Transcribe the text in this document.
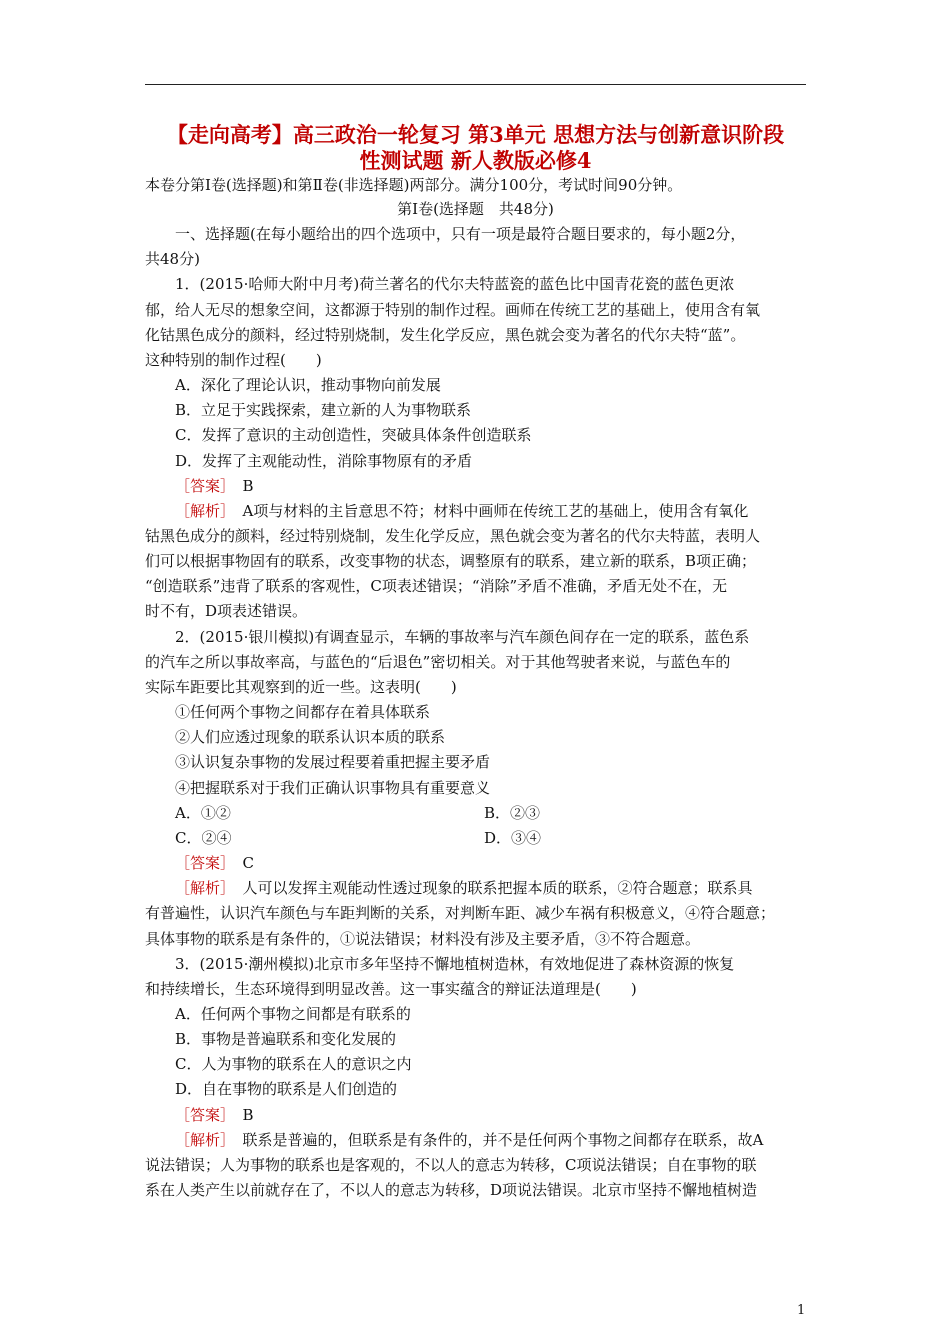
【走向高考】高三政治一轮复习 第3单元 思想方法与创新意识阶段
性测试题 新人教版必修4
本卷分第Ⅰ卷(选择题)和第Ⅱ卷(非选择题)两部分。满分100分，考试时间90分钟。
第Ⅰ卷(选择题　共48分)
一、选择题(在每小题给出的四个选项中，只有一项是最符合题目要求的，每小题2分，
共48分)
1．(2015·哈师大附中月考)荷兰著名的代尔夫特蓝瓷的蓝色比中国青花瓷的蓝色更浓
郁，给人无尽的想象空间，这都源于特别的制作过程。画师在传统工艺的基础上，使用含有氧
化钴黑色成分的颜料，经过特别烧制，发生化学反应，黑色就会变为著名的代尔夫特“蓝”。
这种特别的制作过程(　　)
A．深化了理论认识，推动事物向前发展
B．立足于实践探索，建立新的人为事物联系
C．发挥了意识的主动创造性，突破具体条件创造联系
D．发挥了主观能动性，消除事物原有的矛盾
［答案］　 B
［解析］　 A项与材料的主旨意思不符；材料中画师在传统工艺的基础上，使用含有氧化
钴黑色成分的颜料，经过特别烧制，发生化学反应，黑色就会变为著名的代尔夫特蓝，表明人
们可以根据事物固有的联系，改变事物的状态，调整原有的联系，建立新的联系，B项正确；
“创造联系”违背了联系的客观性，C项表述错误；“消除”矛盾不准确，矛盾无处不在，无
时不有，D项表述错误。
2．(2015·银川模拟)有调查显示，车辆的事故率与汽车颜色间存在一定的联系，蓝色系
的汽车之所以事故率高，与蓝色的“后退色”密切相关。对于其他驾驶者来说，与蓝色车的
实际车距要比其观察到的近一些。这表明(　　)
①任何两个事物之间都存在着具体联系
②人们应透过现象的联系认识本质的联系
③认识复杂事物的发展过程要着重把握主要矛盾
④把握联系对于我们正确认识事物具有重要意义
A．①②	B．②③
C．②④	D．③④
［答案］　 C
［解析］　 人可以发挥主观能动性透过现象的联系把握本质的联系，②符合题意；联系具
有普遍性，认识汽车颜色与车距判断的关系，对判断车距、减少车祸有积极意义，④符合题意；
具体事物的联系是有条件的，①说法错误；材料没有涉及主要矛盾，③不符合题意。
3．(2015·潮州模拟)北京市多年坚持不懈地植树造林，有效地促进了森林资源的恢复
和持续增长，生态环境得到明显改善。这一事实蕴含的辩证法道理是(　　)
A．任何两个事物之间都是有联系的
B．事物是普遍联系和变化发展的
C．人为事物的联系在人的意识之内
D．自在事物的联系是人们创造的
［答案］　 B
［解析］　 联系是普遍的，但联系是有条件的，并不是任何两个事物之间都存在联系，故A
说法错误；人为事物的联系也是客观的，不以人的意志为转移，C项说法错误；自在事物的联
系在人类产生以前就存在了，不以人的意志为转移，D项说法错误。北京市坚持不懈地植树造
1
